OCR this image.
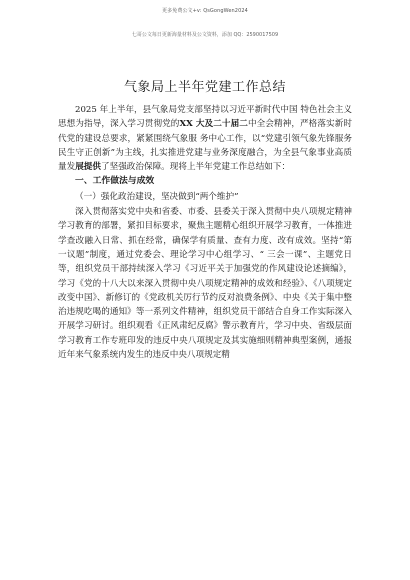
更多免费公文+v: QsGongWen2024
七哥公文每日更新海量材料及公文资料，添加 QQ：2590017509
气象局上半年党建工作总结

2025 年上半年，县气象局党支部坚持以习近平新时代中国 特色社会主义思想为指导，深入学习贯彻党的XX 大及二十届二中全会精神，严格落实新时代党的建设总要求，紧紧围绕气象服 务中心工作，以“党建引领气象先锋服务民生守正创新”为主线，扎实推进党建与业务深度融合，为全县气象事业高质量发展提供了坚强政治保障。现将上半年党建工作总结如下：

一、工作做法与成效

（一）强化政治建设，坚决做到“两个维护”

深入贯彻落实党中央和省委、市委、县委关于深入贯彻中央八项规定精神学习教育的部署，紧扣目标要求，聚焦主题精心组织开展学习教育，一体推进学查改融入日常、抓在经常，确保学有质量、查有力度、改有成效。坚持“第一议题”制度，通过党委会、理论学习中心组学习、“ 三会一课”、主题党日等，组织党员干部持续深入学习《习近平关于加强党的作风建设论述摘编》，学习《党的十八大以来深入贯彻中央八项规定精神的成效和经验》、《八项规定改变中国》、新修订的《党政机关厉行节约反对浪费条例》、中央《关于集中整治违规吃喝的通知》等一系列文件精神，组织党员干部结合自身工作实际深入开展学习研讨。组织观看《正风肃纪反腐》警示教育片，学习中央、省级层面学习教育工作专班印发的违反中央八项规定及其实施细则精神典型案例，通报近年来气象系统内发生的违反中央八项规定精
